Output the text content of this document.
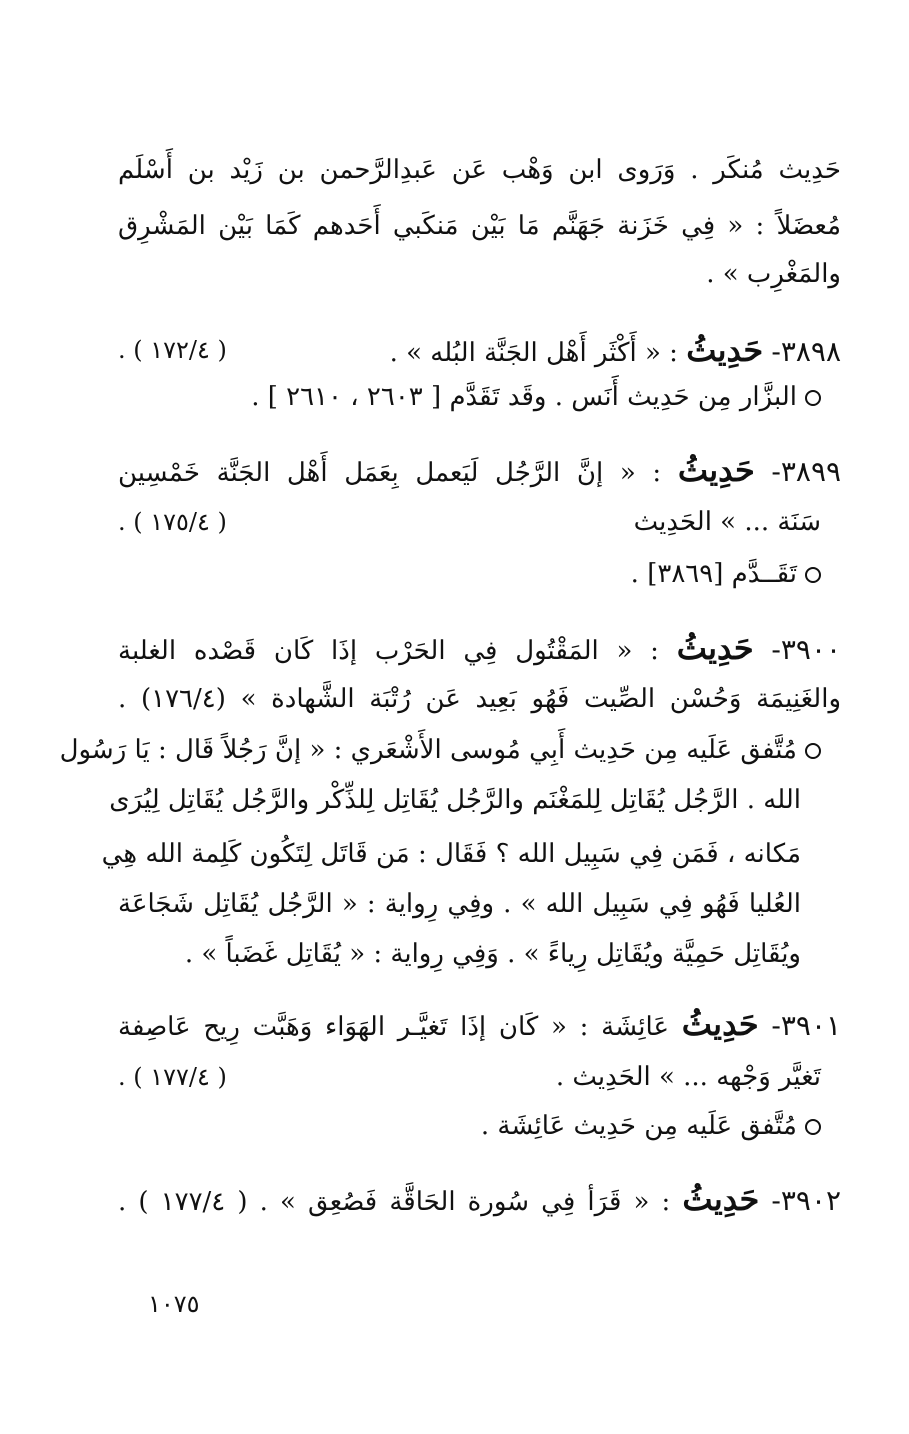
حَدِيث مُنكَر . وَرَوى ابن وَهْب عَن عَبدِالرَّحمن بن زَيْد بن أَسْلَم
مُعضَلاً : « فِي خَزَنة جَهَنَّم مَا بَيْن مَنكَبي أَحَدهم كَمَا بَيْن المَشْرِق
والمَغْرِب » .
٣٨٩٨- حَدِيثُ : « أَكْثَر أَهْل الجَنَّة البُله » .
. ( ١٧٢/٤ )
البزَّار مِن حَدِيث أَنَس . وقَد تَقَدَّم [ ٢٦٠٣ ، ٢٦١٠ ] .
٣٨٩٩- حَدِيثُ : « إنَّ الرَّجُل لَيَعمل بِعَمَل أَهْل الجَنَّة خَمْسِين
سَنَة ... » الحَدِيث
. ( ١٧٥/٤ )
تَقَــدَّم [٣٨٦٩] .
٣٩٠٠- حَدِيثُ : « المَقْتُول فِي الحَرْب إذَا كَان قَصْده الغلبة
والغَنِيمَة وَحُسْن الصِّيت فَهُو بَعِيد عَن رُتْبَة الشَّهادة » (١٧٦/٤) .
مُتَّفق عَلَيه مِن حَدِيث أَبِي مُوسى الأَشْعَري : « إنَّ رَجُلاً قَال : يَا رَسُول
الله . الرَّجُل يُقَاتِل لِلمَغْنَم والرَّجُل يُقَاتِل لِلذِّكْر والرَّجُل يُقَاتِل لِيُرَى
مَكانه ، فَمَن فِي سَبِيل الله ؟ فَقَال : مَن قَاتَل لِتَكُون كَلِمة الله هِي
العُليا فَهُو فِي سَبِيل الله » . وفِي رِواية : « الرَّجُل يُقَاتِل شَجَاعَة
ويُقَاتِل حَمِيَّة ويُقَاتِل رِياءً » . وَفِي رِواية : « يُقَاتِل غَضَباً » .
٣٩٠١- حَدِيثُ عَائِشَة : « كَان إذَا تَغيَّـر الهَوَاء وَهَبَّت رِيح عَاصِفة
تَغيَّر وَجْهه ... » الحَدِيث .
. ( ١٧٧/٤ )
مُتَّفق عَلَيه مِن حَدِيث عَائِشَة .
٣٩٠٢- حَدِيثُ : « قَرَأ فِي سُورة الحَاقَّة فَصُعِق » . ( ١٧٧/٤ ) .
١٠٧٥
